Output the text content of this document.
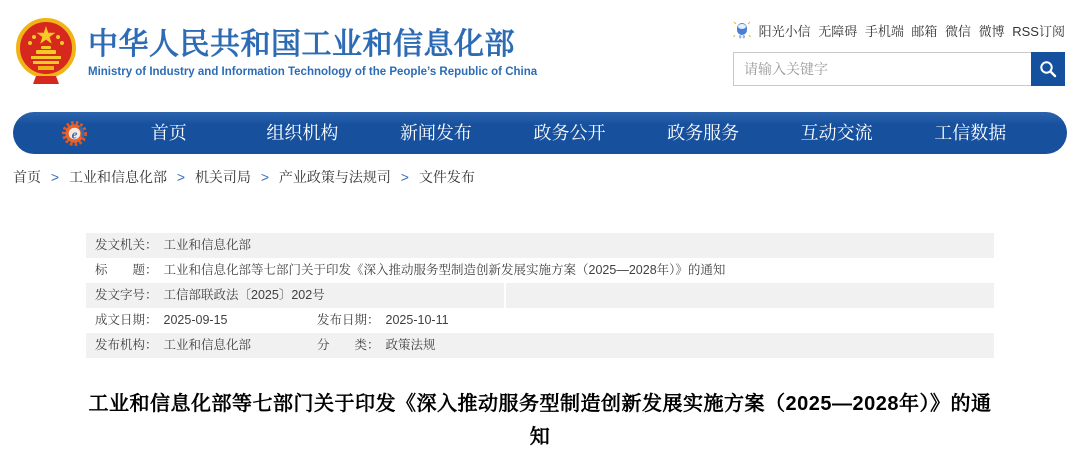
中华人民共和国工业和信息化部
Ministry of Industry and Information Technology of the People’s Republic of China
阳光小信 无障碍 手机端 邮箱 微信 微博 RSS订阅
请输入关键字
e	首页	组织机构	新闻发布	政务公开	政务服务	互动交流	工信数据
首页 > 工业和信息化部 > 机关司局 > 产业政策与法规司 > 文件发布
发文机关： 工业和信息化部
标　　题： 工业和信息化部等七部门关于印发《深入推动服务型制造创新发展实施方案（2025—2028年）》的通知
发文字号： 工信部联政法〔2025〕202号
成文日期： 2025-09-15	发布日期： 2025-10-11
发布机构： 工业和信息化部	分　　类： 政策法规
工业和信息化部等七部门关于印发《深入推动服务型制造创新发展实施方案（2025—2028年）》的通知
